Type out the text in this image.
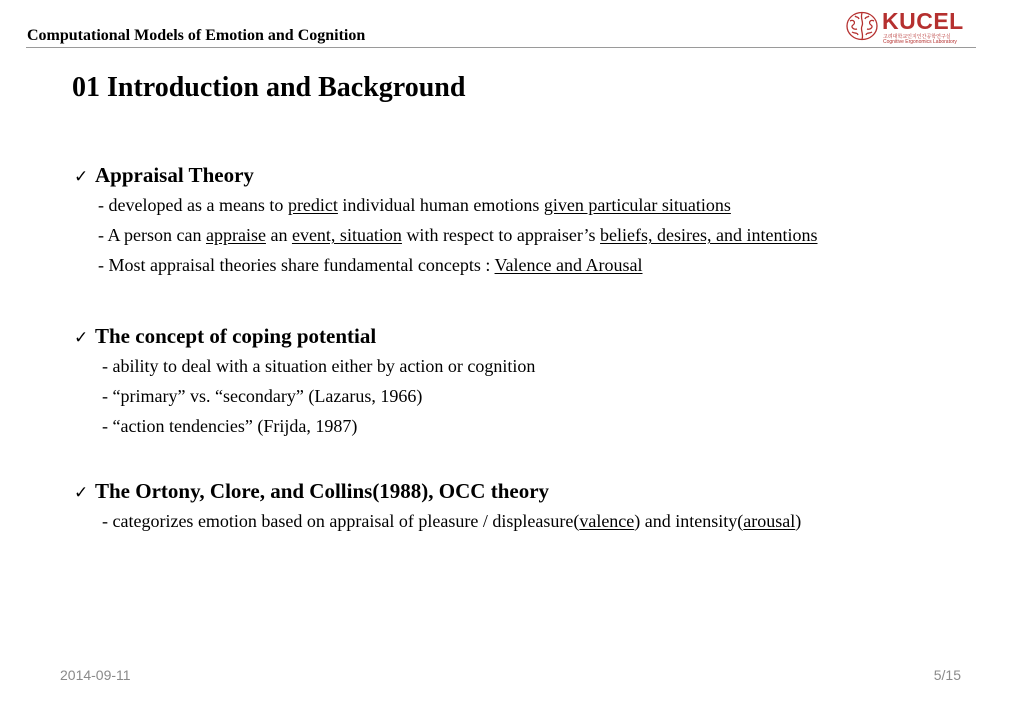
Computational Models of Emotion and Cognition
KUCEL
고려대학교인지인간공학연구실
Cognitive Ergonomics Laboratory
01 Introduction and Background
✓ Appraisal Theory
- developed as a means to predict individual human emotions given particular situations
- A person can appraise an event, situation with respect to appraiser’s beliefs, desires, and intentions
- Most appraisal theories share fundamental concepts : Valence and Arousal
✓ The concept of coping potential
- ability to deal with a situation either by action or cognition
- “primary” vs. “secondary” (Lazarus, 1966)
- “action tendencies” (Frijda, 1987)
✓ The Ortony, Clore, and Collins(1988), OCC theory
- categorizes emotion based on appraisal of pleasure / displeasure(valence) and intensity(arousal)
2014-09-11	5/15
